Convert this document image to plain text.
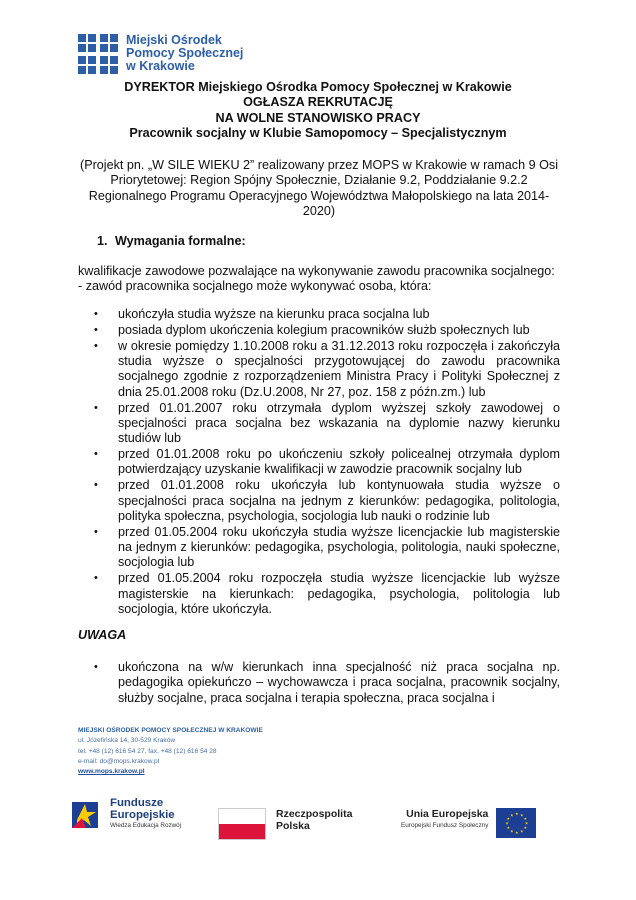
Miejski Ośrodek
Pomocy Społecznej
w Krakowie
DYREKTOR Miejskiego Ośrodka Pomocy Społecznej w Krakowie
OGŁASZA REKRUTACJĘ
NA WOLNE STANOWISKO PRACY
Pracownik socjalny w Klubie Samopomocy – Specjalistycznym
(Projekt pn. „W SILE WIEKU 2” realizowany przez MOPS w Krakowie w ramach 9 Osi
Priorytetowej: Region Spójny Społecznie, Działanie 9.2, Poddziałanie 9.2.2
Regionalnego Programu Operacyjnego Województwa Małopolskiego na lata 2014-
2020)
1. Wymagania formalne:
kwalifikacje zawodowe pozwalające na wykonywanie zawodu pracownika socjalnego:
- zawód pracownika socjalnego może wykonywać osoba, która:
• ukończyła studia wyższe na kierunku praca socjalna lub
• posiada dyplom ukończenia kolegium pracowników służb społecznych lub
• w okresie pomiędzy 1.10.2008 roku a 31.12.2013 roku rozpoczęła i zakończyła studia wyższe o specjalności przygotowującej do zawodu pracownika socjalnego zgodnie z rozporządzeniem Ministra Pracy i Polityki Społecznej z dnia 25.01.2008 roku (Dz.U.2008, Nr 27, poz. 158 z późn.zm.) lub
• przed 01.01.2007 roku otrzymała dyplom wyższej szkoły zawodowej o specjalności praca socjalna bez wskazania na dyplomie nazwy kierunku studiów lub
• przed 01.01.2008 roku po ukończeniu szkoły policealnej otrzymała dyplom potwierdzający uzyskanie kwalifikacji w zawodzie pracownik socjalny lub
• przed 01.01.2008 roku ukończyła lub kontynuowała studia wyższe o specjalności praca socjalna na jednym z kierunków: pedagogika, politologia, polityka społeczna, psychologia, socjologia lub nauki o rodzinie lub
• przed 01.05.2004 roku ukończyła studia wyższe licencjackie lub magisterskie na jednym z kierunków: pedagogika, psychologia, politologia, nauki społeczne, socjologia lub
• przed 01.05.2004 roku rozpoczęła studia wyższe licencjackie lub wyższe magisterskie na kierunkach: pedagogika, psychologia, politologia lub socjologia, które ukończyła.
UWAGA
• ukończona na w/w kierunkach inna specjalność niż praca socjalna np. pedagogika opiekuńczo – wychowawcza i praca socjalna, pracownik socjalny, służby socjalne, praca socjalna i terapia społeczna, praca socjalna i
MIEJSKI OŚRODEK POMOCY SPOŁECZNEJ W KRAKOWIE
ul. Józefińska 14, 30-529 Kraków
tel. +48 (12) 616 54 27, fax. +48 (12) 616 54 28
e-mail: do@mops.krakow.pl
www.mops.krakow.pl
Fundusze
Europejskie
Wiedza Edukacja Rozwój
Rzeczpospolita
Polska
Unia Europejska
Europejski Fundusz Społeczny
★ ★
★
★
★
★
★
★
★
★
★
★
